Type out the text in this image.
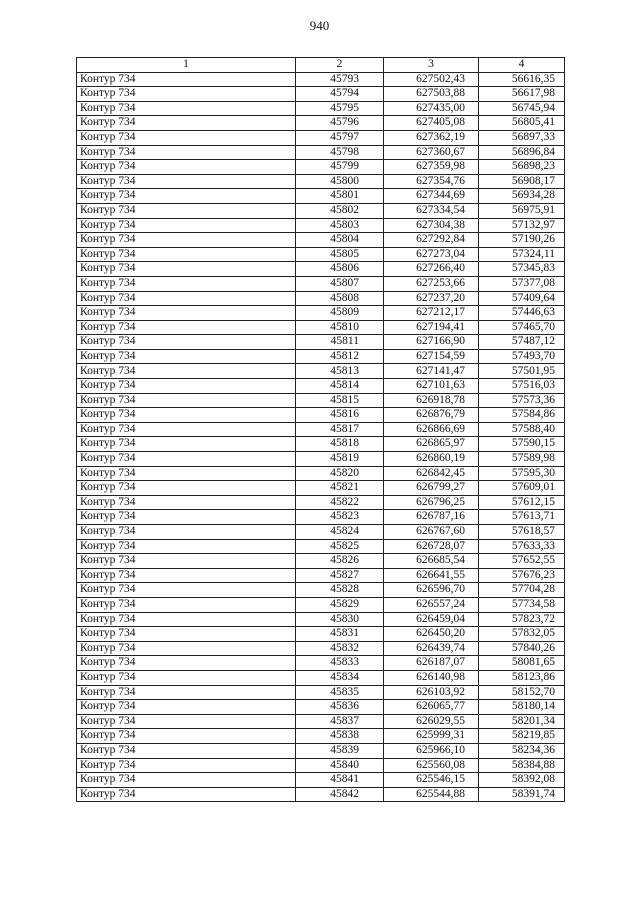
940
1	2	3	4
Контур 734	45793	627502,43	56616,35
Контур 734	45794	627503,88	56617,98
Контур 734	45795	627435,00	56745,94
Контур 734	45796	627405,08	56805,41
Контур 734	45797	627362,19	56897,33
Контур 734	45798	627360,67	56896,84
Контур 734	45799	627359,98	56898,23
Контур 734	45800	627354,76	56908,17
Контур 734	45801	627344,69	56934,28
Контур 734	45802	627334,54	56975,91
Контур 734	45803	627304,38	57132,97
Контур 734	45804	627292,84	57190,26
Контур 734	45805	627273,04	57324,11
Контур 734	45806	627266,40	57345,83
Контур 734	45807	627253,66	57377,08
Контур 734	45808	627237,20	57409,64
Контур 734	45809	627212,17	57446,63
Контур 734	45810	627194,41	57465,70
Контур 734	45811	627166,90	57487,12
Контур 734	45812	627154,59	57493,70
Контур 734	45813	627141,47	57501,95
Контур 734	45814	627101,63	57516,03
Контур 734	45815	626918,78	57573,36
Контур 734	45816	626876,79	57584,86
Контур 734	45817	626866,69	57588,40
Контур 734	45818	626865,97	57590,15
Контур 734	45819	626860,19	57589,98
Контур 734	45820	626842,45	57595,30
Контур 734	45821	626799,27	57609,01
Контур 734	45822	626796,25	57612,15
Контур 734	45823	626787,16	57613,71
Контур 734	45824	626767,60	57618,57
Контур 734	45825	626728,07	57633,33
Контур 734	45826	626685,54	57652,55
Контур 734	45827	626641,55	57676,23
Контур 734	45828	626596,70	57704,28
Контур 734	45829	626557,24	57734,58
Контур 734	45830	626459,04	57823,72
Контур 734	45831	626450,20	57832,05
Контур 734	45832	626439,74	57840,26
Контур 734	45833	626187,07	58081,65
Контур 734	45834	626140,98	58123,86
Контур 734	45835	626103,92	58152,70
Контур 734	45836	626065,77	58180,14
Контур 734	45837	626029,55	58201,34
Контур 734	45838	625999,31	58219,85
Контур 734	45839	625966,10	58234,36
Контур 734	45840	625560,08	58384,88
Контур 734	45841	625546,15	58392,08
Контур 734	45842	625544,88	58391,74
